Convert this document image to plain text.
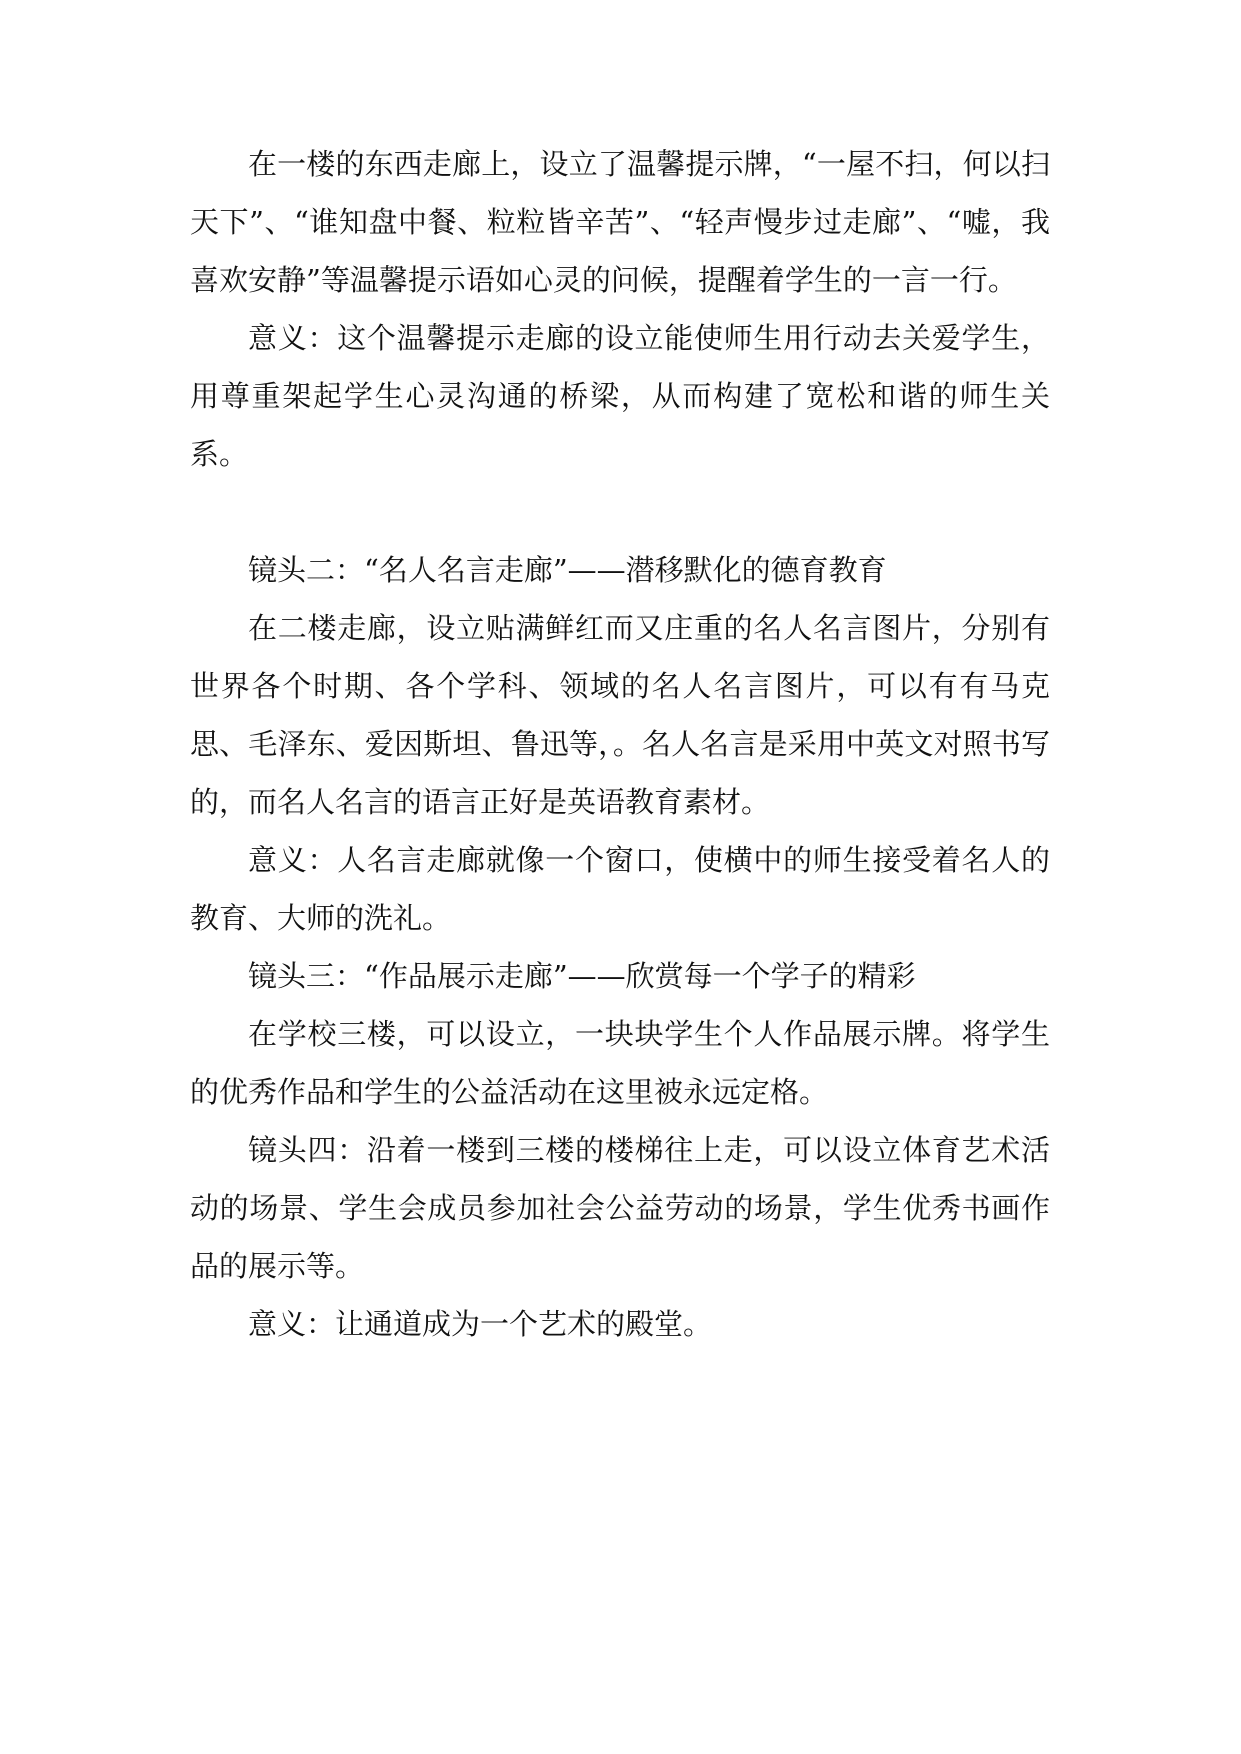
在一楼的东西走廊上，设立了温馨提示牌，“一屋不扫，何以扫天下”、“谁知盘中餐、粒粒皆辛苦”、“轻声慢步过走廊”、“嘘，我喜欢安静”等温馨提示语如心灵的问候，提醒着学生的一言一行。

意义：这个温馨提示走廊的设立能使师生用行动去关爱学生，用尊重架起学生心灵沟通的桥梁，从而构建了宽松和谐的师生关系。

镜头二：“名人名言走廊”——潜移默化的德育教育

在二楼走廊，设立贴满鲜红而又庄重的名人名言图片，分别有世界各个时期、各个学科、领域的名人名言图片，可以有有马克思、毛泽东、爱因斯坦、鲁迅等，。名人名言是采用中英文对照书写的，而名人名言的语言正好是英语教育素材。

意义：人名言走廊就像一个窗口，使横中的师生接受着名人的教育、大师的洗礼。

镜头三：“作品展示走廊”——欣赏每一个学子的精彩

在学校三楼，可以设立，一块块学生个人作品展示牌。将学生的优秀作品和学生的公益活动在这里被永远定格。

镜头四：沿着一楼到三楼的楼梯往上走，可以设立体育艺术活动的场景、学生会成员参加社会公益劳动的场景，学生优秀书画作品的展示等。

意义：让通道成为一个艺术的殿堂。
